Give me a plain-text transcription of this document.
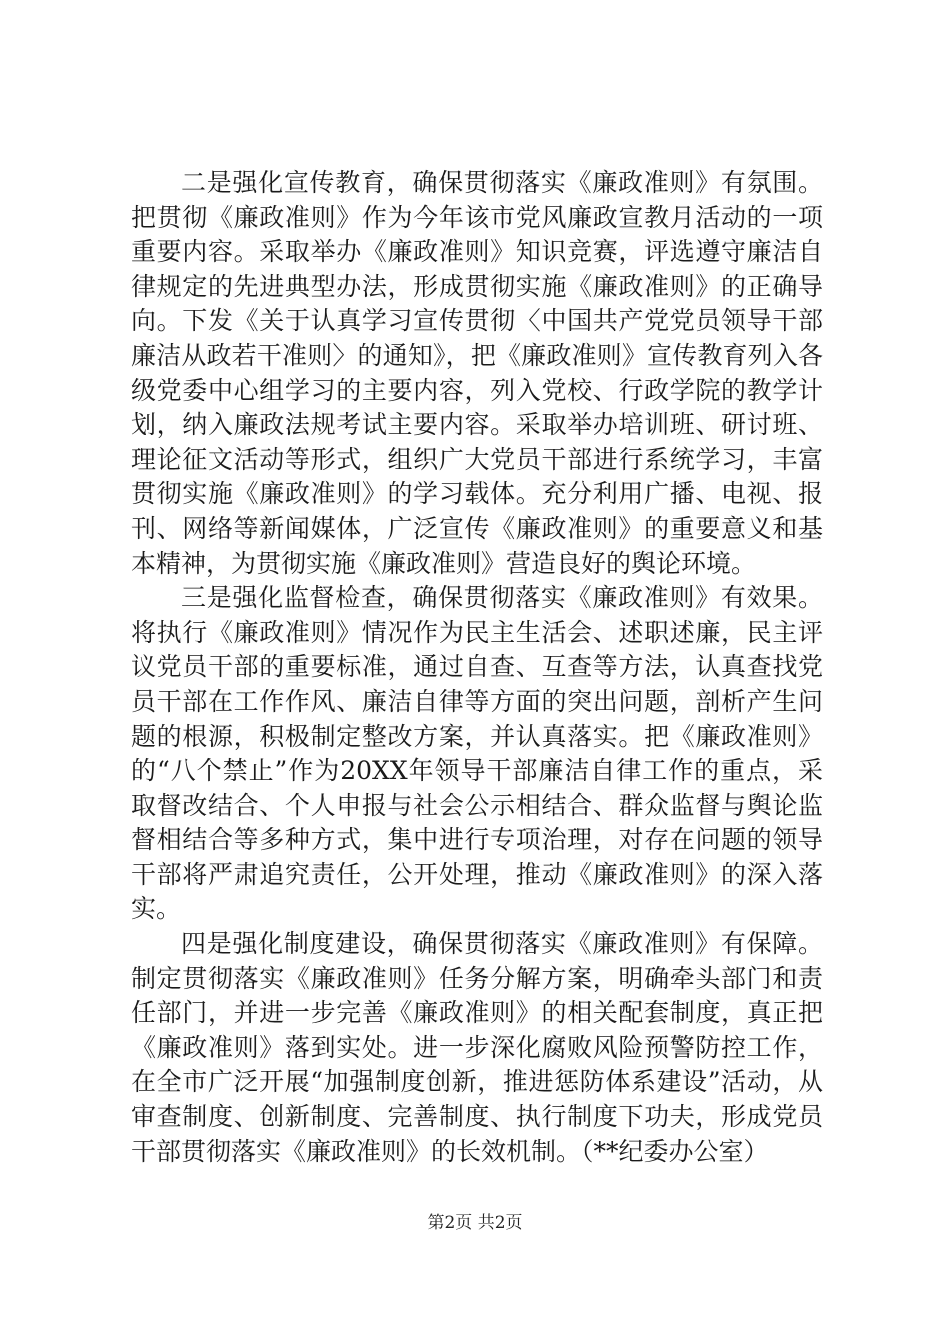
二是强化宣传教育，确保贯彻落实《廉政准则》有氛围。把贯彻《廉政准则》作为今年该市党风廉政宣教月活动的一项重要内容。采取举办《廉政准则》知识竞赛，评选遵守廉洁自律规定的先进典型办法，形成贯彻实施《廉政准则》的正确导向。下发《关于认真学习宣传贯彻〈中国共产党党员领导干部廉洁从政若干准则〉的通知》，把《廉政准则》宣传教育列入各级党委中心组学习的主要内容，列入党校、行政学院的教学计划，纳入廉政法规考试主要内容。采取举办培训班、研讨班、理论征文活动等形式，组织广大党员干部进行系统学习，丰富贯彻实施《廉政准则》的学习载体。充分利用广播、电视、报刊、网络等新闻媒体，广泛宣传《廉政准则》的重要意义和基本精神，为贯彻实施《廉政准则》营造良好的舆论环境。

三是强化监督检查，确保贯彻落实《廉政准则》有效果。将执行《廉政准则》情况作为民主生活会、述职述廉，民主评议党员干部的重要标准，通过自查、互查等方法，认真查找党员干部在工作作风、廉洁自律等方面的突出问题，剖析产生问题的根源，积极制定整改方案，并认真落实。把《廉政准则》的“八个禁止”作为20XX年领导干部廉洁自律工作的重点，采取督改结合、个人申报与社会公示相结合、群众监督与舆论监督相结合等多种方式，集中进行专项治理，对存在问题的领导干部将严肃追究责任，公开处理，推动《廉政准则》的深入落实。

四是强化制度建设，确保贯彻落实《廉政准则》有保障。制定贯彻落实《廉政准则》任务分解方案，明确牵头部门和责任部门，并进一步完善《廉政准则》的相关配套制度，真正把《廉政准则》落到实处。进一步深化腐败风险预警防控工作，在全市广泛开展“加强制度创新，推进惩防体系建设”活动，从审查制度、创新制度、完善制度、执行制度下功夫，形成党员干部贯彻落实《廉政准则》的长效机制。（**纪委办公室）

第2页 共2页
